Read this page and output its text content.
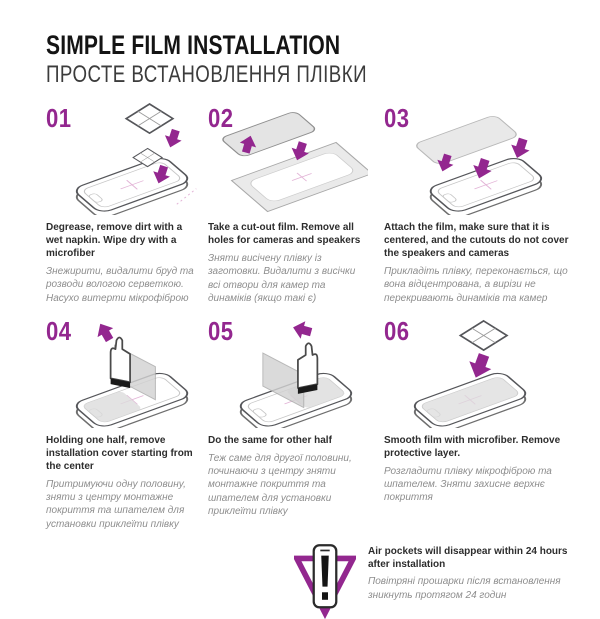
SIMPLE FILM INSTALLATION
ПРОСТЕ ВСТАНОВЛЕННЯ ПЛІВКИ
01

Degrease, remove dirt with a wet napkin. Wipe dry with a microfiber

Знежирити, видалити бруд та розводи вологою серветкою. Насухо витерти мікрофіброю

02

Take a cut-out film. Remove all holes for cameras and speakers

Зняти висічену плівку із заготовки. Видалити з висічки всі отвори для камер та динаміків (якщо такі є)

03

Attach the film, make sure that it is centered, and the cutouts do not cover the speakers and cameras

Прикладіть плівку, переконається, що вона відцентрована, а вирізи не перекривають динаміків та камер

04

Holding one half, remove installation cover starting from the center

Притримуючи одну половину, зняти з центру монтажне покриття та шпателем для установки приклеїти плівку

05

Do the same for other half

Теж саме для другої половини, починаючи з центру зняти монтажне покриття та шпателем для установки приклеїти плівку

06

Smooth film with microfiber. Remove protective layer.

Розгладити плівку мікрофіброю та шпателем. Зняти захисне верхнє покриття

Air pockets will disappear within 24 hours after installation

Повітряні прошарки після встановлення зникнуть протягом 24 годин
